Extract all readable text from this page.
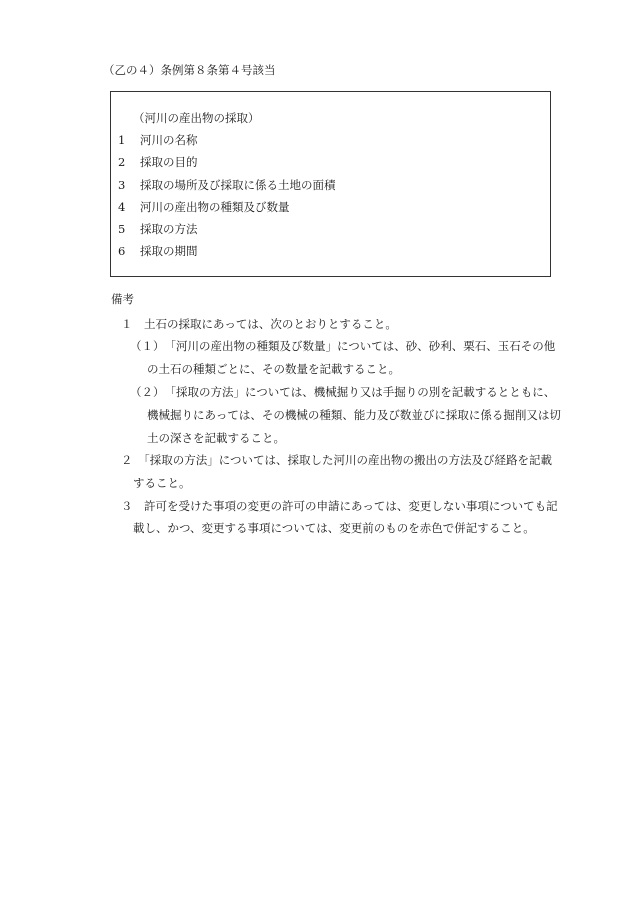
（乙の４）条例第８条第４号該当
（河川の産出物の採取）
1 河川の名称
2 採取の目的
3 採取の場所及び採取に係る土地の面積
4 河川の産出物の種類及び数量
5 採取の方法
6 採取の期間
備考
１　土石の採取にあっては、次のとおりとすること。
（１）　「河川の産出物の種類及び数量」については、砂、砂利、栗石、玉石その他
の土石の種類ごとに、その数量を記載すること。
（２）　「採取の方法」については、機械掘り又は手掘りの別を記載するとともに、
機械掘りにあっては、その機械の種類、能力及び数並びに採取に係る掘削又は切
土の深さを記載すること。
２　「採取の方法」については、採取した河川の産出物の搬出の方法及び経路を記載
すること。
３　許可を受けた事項の変更の許可の申請にあっては、変更しない事項についても記
載し、かつ、変更する事項については、変更前のものを赤色で併記すること。
